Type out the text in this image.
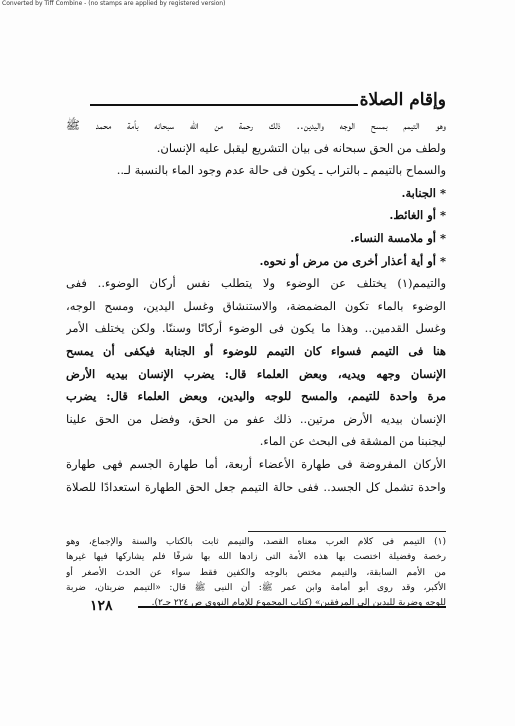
Converted by Tiff Combine - (no stamps are applied by registered version)
وإقام الصلاة
وهو التيمم بمسح الوجه واليدين.. ذلك رحمة من الله سبحانه بأمة محمد ﷺ
ولطف من الحق سبحانه فى بيان التشريع ليقبل عليه الإنسان.
والسماح بالتيمم ـ بالتراب ـ يكون فى حالة عدم وجود الماء بالنسبة لـ..
* الجنابة.
* أو الغائط.
* أو ملامسة النساء.
* أو أية أعذار أخرى من مرض أو نحوه.
والتيمم(١) يختلف عن الوضوء ولا يتطلب نفس أركان الوضوء.. ففى
الوضوء بالماء تكون المضمضة، والاستنشاق وغسل اليدين، ومسح الوجه،
وغسل القدمين.. وهذا ما يكون فى الوضوء أركانًا وسننًا. ولكن يختلف الأمر
هنا فى التيمم فسواء كان التيمم للوضوء أو الجنابة فيكفى أن يمسح
الإنسان وجهه ويديه، وبعض العلماء قال: يضرب الإنسان بيديه الأرض
مرة واحدة للتيمم، والمسح للوجه واليدين، وبعض العلماء قال: يضرب
الإنسان بيديه الأرض مرتين.. ذلك عفو من الحق، وفضل من الحق علينا
ليجنبنا من المشقة فى البحث عن الماء.
الأركان المفروضة فى طهارة الأعضاء أربعة، أما طهارة الجسم فهى طهارة
واحدة تشمل كل الجسد.. ففى حالة التيمم جعل الحق الطهارة استعدادًا للصلاة
(١) التيمم فى كلام العرب معناه القصد، والتيمم ثابت بالكتاب والسنة والإجماع، وهو
رخصة وفضيلة اختصت بها هذه الأمة التى زادها الله بها شرفًا فلم يشاركها فيها غيرها
من الأمم السابقة، والتيمم مختص بالوجه والكفين فقط سواء عن الحدث الأصغر أو
الأكبر، وقد روى أبو أمامة وابن عمر ﷺ: أن النبى ﷺ قال: «التيمم ضربتان، ضربة
للوجه وضربة لليدين إلى المرفقين» (كتاب المجموع للإمام النووى ص ٢٢٤ جـ٢).
١٢٨
